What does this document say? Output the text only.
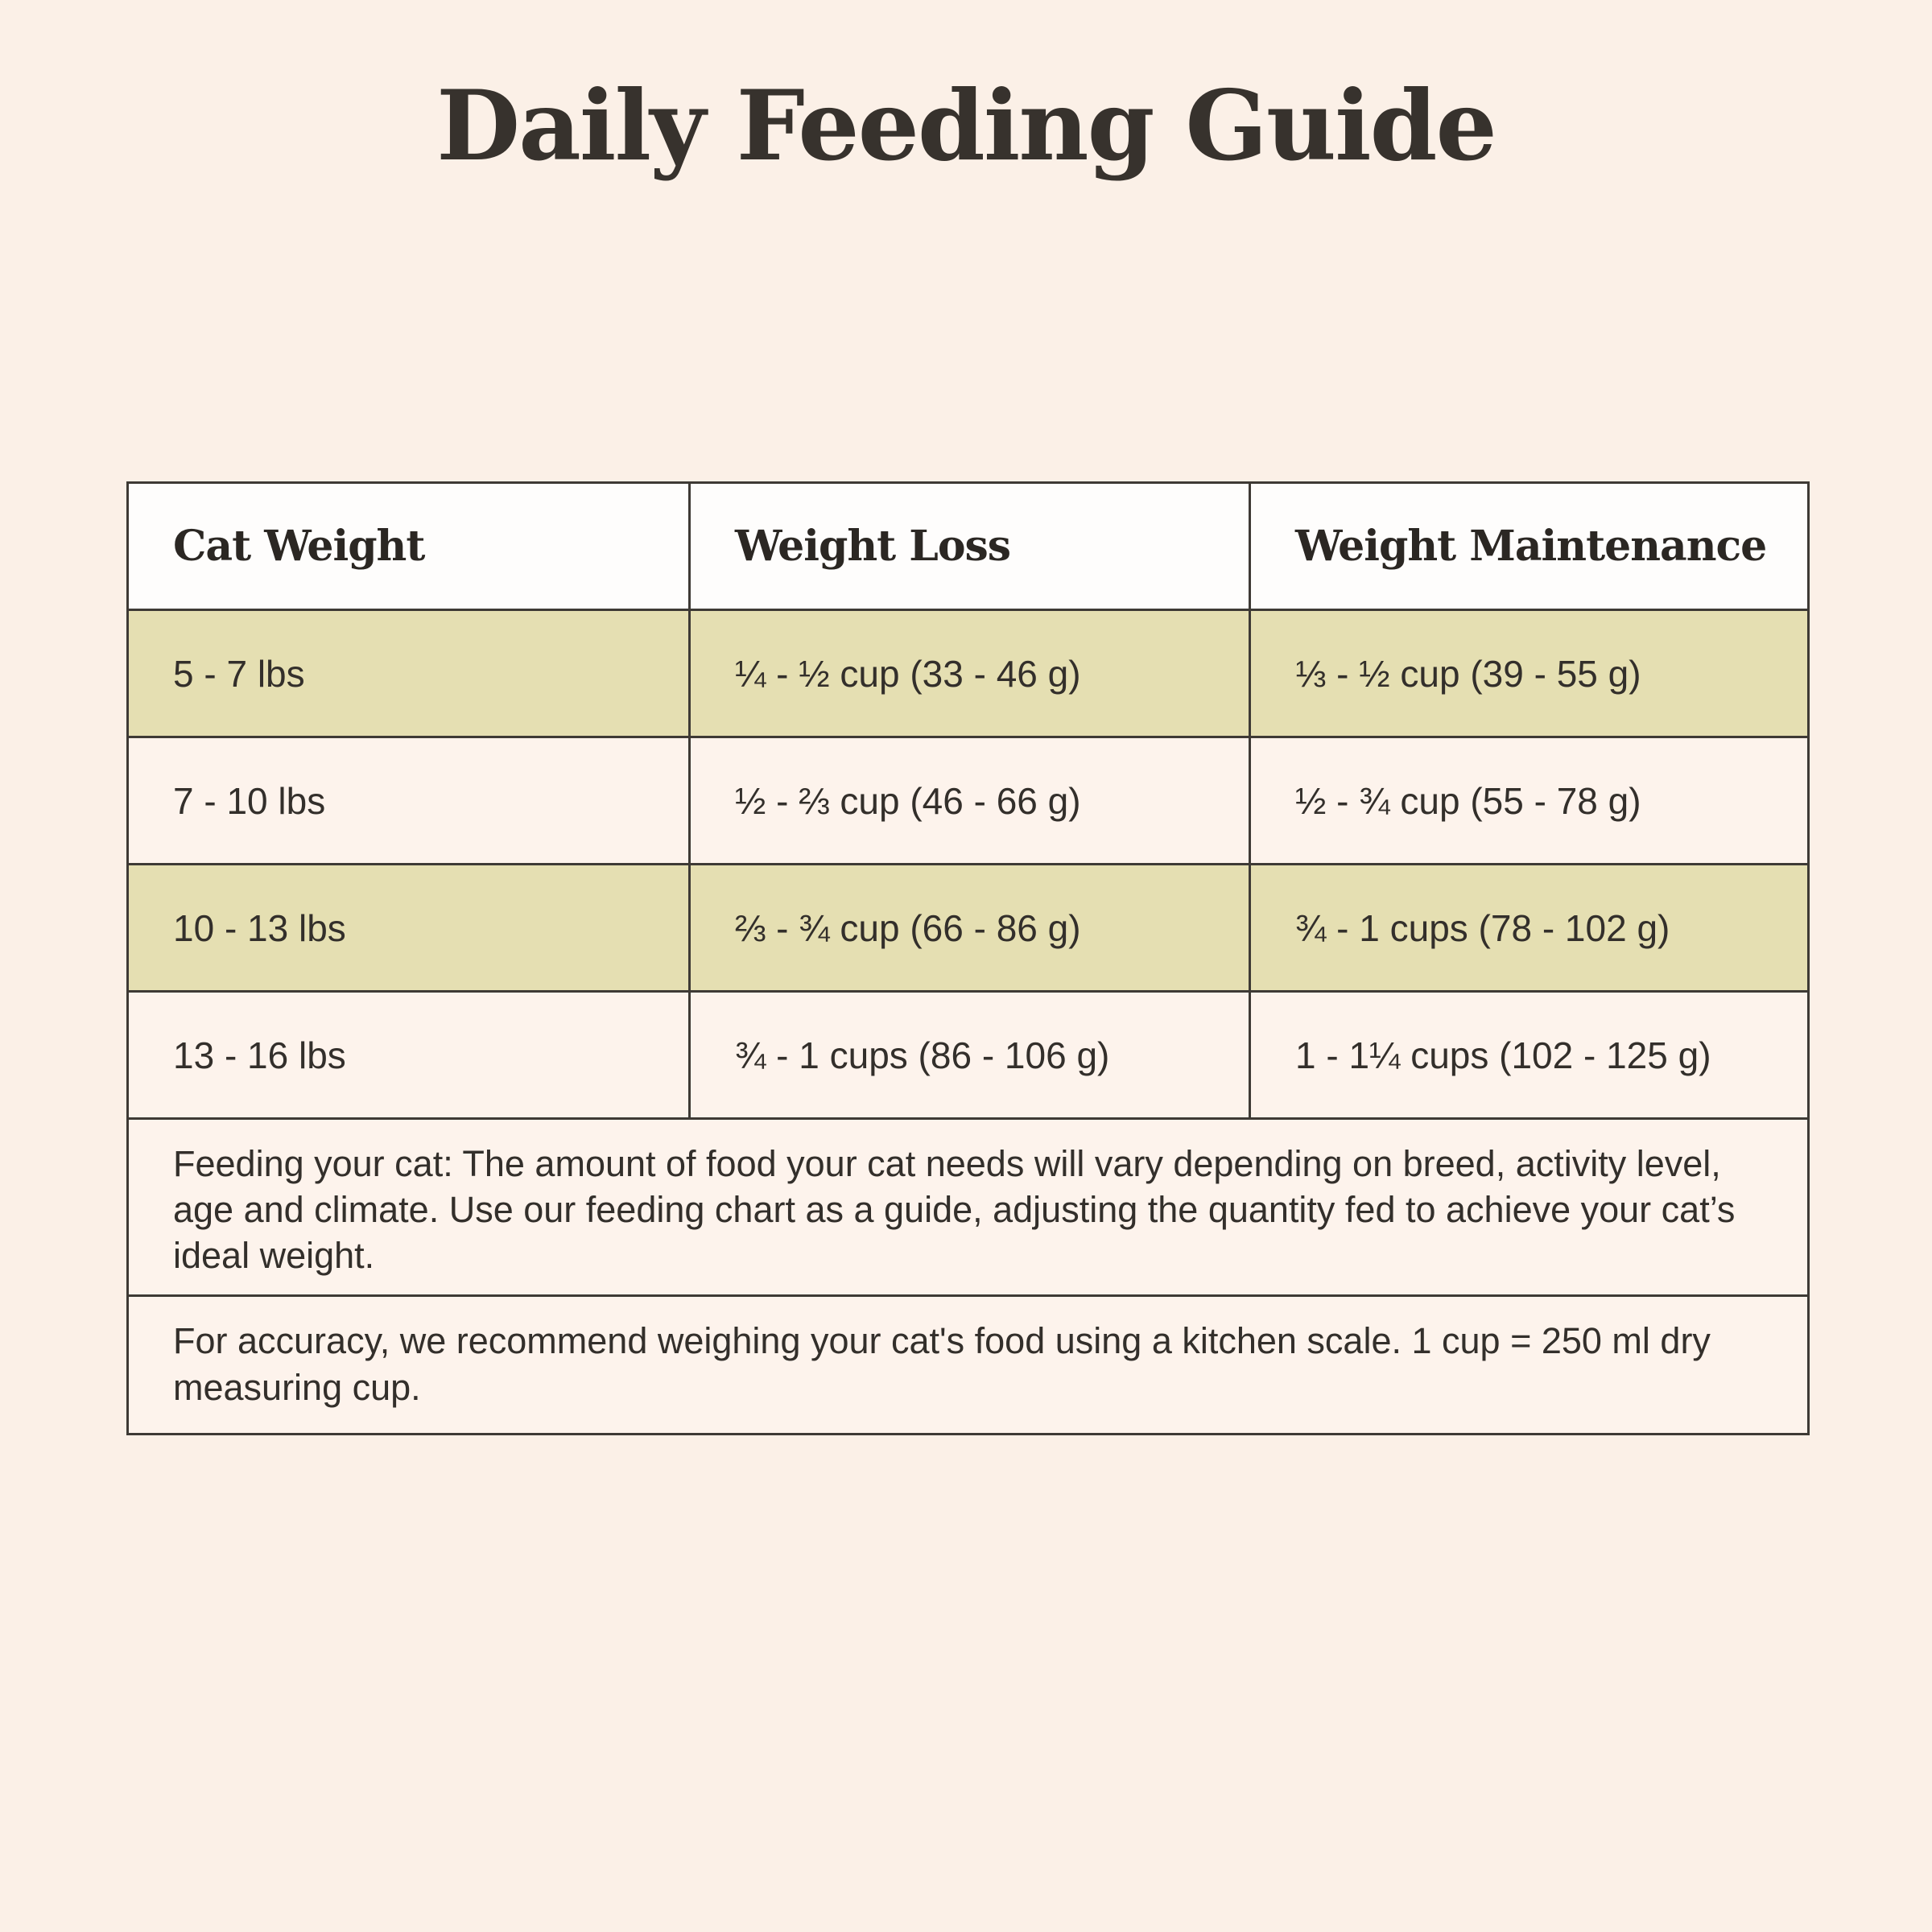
Daily Feeding Guide
Cat Weight	Weight Loss	Weight Maintenance
5 - 7 lbs	¼ - ½ cup (33 - 46 g)	⅓ - ½ cup (39 - 55 g)
7 - 10 lbs	½ - ⅔ cup (46 - 66 g)	½ - ¾ cup (55 - 78 g)
10 - 13 lbs	⅔ - ¾ cup (66 - 86 g)	¾ - 1 cups (78 - 102 g)
13 - 16 lbs	¾ - 1 cups (86 - 106 g)	1 - 1¼ cups (102 - 125 g)
Feeding your cat: The amount of food your cat needs will vary depending on breed, activity level, age and climate. Use our feeding chart as a guide, adjusting the quantity fed to achieve your cat’s ideal weight.		
For accuracy, we recommend weighing your cat's food using a kitchen scale. 1 cup = 250 ml dry measuring cup.		
